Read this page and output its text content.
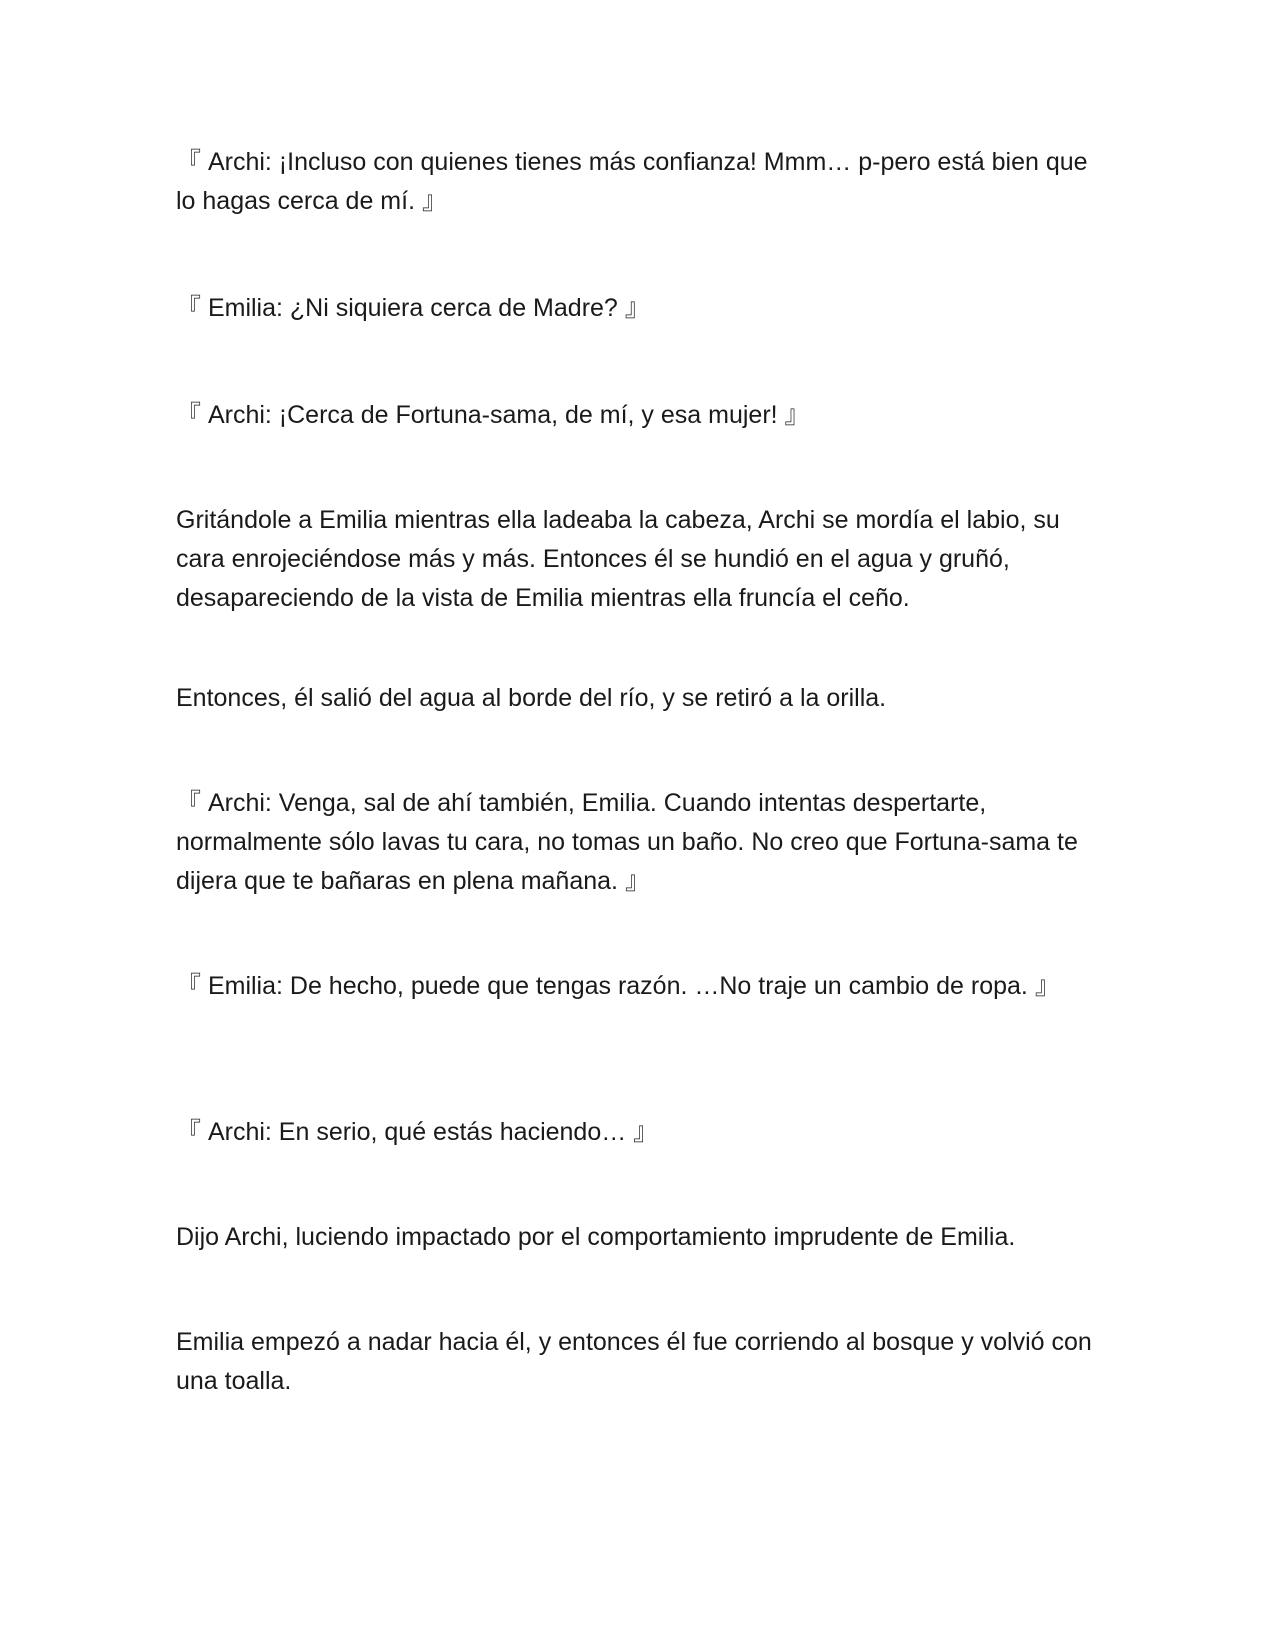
『 Archi: ¡Incluso con quienes tienes más confianza! Mmm… p-pero está bien que lo hagas cerca de mí. 』

『 Emilia: ¿Ni siquiera cerca de Madre? 』

『 Archi: ¡Cerca de Fortuna-sama, de mí, y esa mujer! 』

Gritándole a Emilia mientras ella ladeaba la cabeza, Archi se mordía el labio, su cara enrojeciéndose más y más. Entonces él se hundió en el agua y gruñó, desapareciendo de la vista de Emilia mientras ella fruncía el ceño.

Entonces, él salió del agua al borde del río, y se retiró a la orilla.

『 Archi: Venga, sal de ahí también, Emilia. Cuando intentas despertarte, normalmente sólo lavas tu cara, no tomas un baño. No creo que Fortuna-sama te dijera que te bañaras en plena mañana. 』

『 Emilia: De hecho, puede que tengas razón. …No traje un cambio de ropa. 』

『 Archi: En serio, qué estás haciendo… 』

Dijo Archi, luciendo impactado por el comportamiento imprudente de Emilia.

Emilia empezó a nadar hacia él, y entonces él fue corriendo al bosque y volvió con una toalla.
